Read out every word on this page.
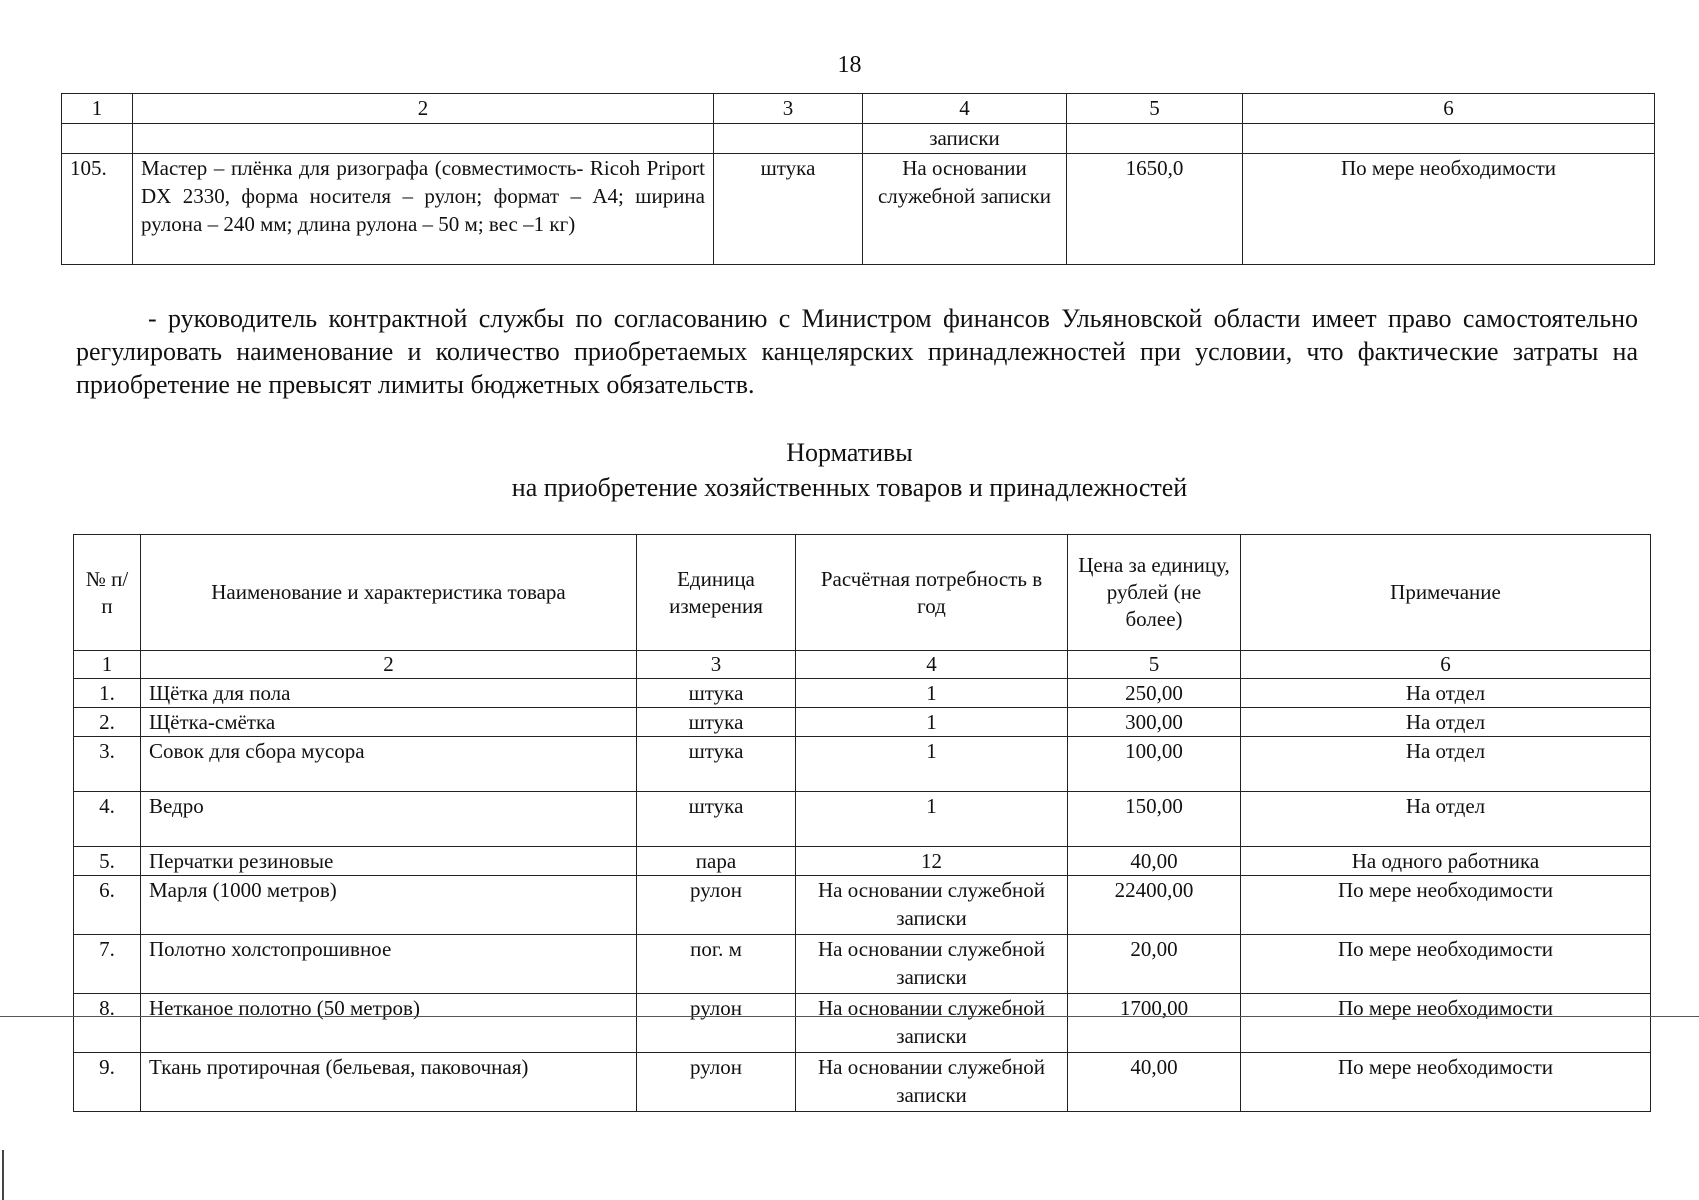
18
1	2	3	4	5	6
			записки		
105.	Мастер – плёнка для ризографа (совместимость- Ricoh Priport DX 2330, форма носителя – рулон; формат – А4; ширина рулона – 240 мм; длина рулона – 50 м; вес –1 кг)	штука	На основании служебной записки	1650,0	По мере необходимости

- руководитель контрактной службы по согласованию с Министром финансов Ульяновской области имеет право самостоятельно регулировать наименование и количество приобретаемых канцелярских принадлежностей при условии, что фактические затраты на приобретение не превысят лимиты бюджетных обязательств.

Нормативы
на приобретение хозяйственных товаров и принадлежностей
№ п/п	Наименование и характеристика товара	Единица измерения	Расчётная потребность в год	Цена за единицу, рублей (не более)	Примечание
1	2	3	4	5	6
1.	Щётка для пола	штука	1	250,00	На отдел
2.	Щётка-смётка	штука	1	300,00	На отдел
3.	Совок для сбора мусора	штука	1	100,00	На отдел
4.	Ведро	штука	1	150,00	На отдел
5.	Перчатки резиновые	пара	12	40,00	На одного работника
6.	Марля (1000 метров)	рулон	На основании служебной записки	22400,00	По мере необходимости
7.	Полотно холстопрошивное	пог. м	На основании служебной записки	20,00	По мере необходимости
8.	Нетканое полотно (50 метров)	рулон	На основании служебной записки	1700,00	По мере необходимости
9.	Ткань протирочная (бельевая, паковочная)	рулон	На основании служебной записки	40,00	По мере необходимости
